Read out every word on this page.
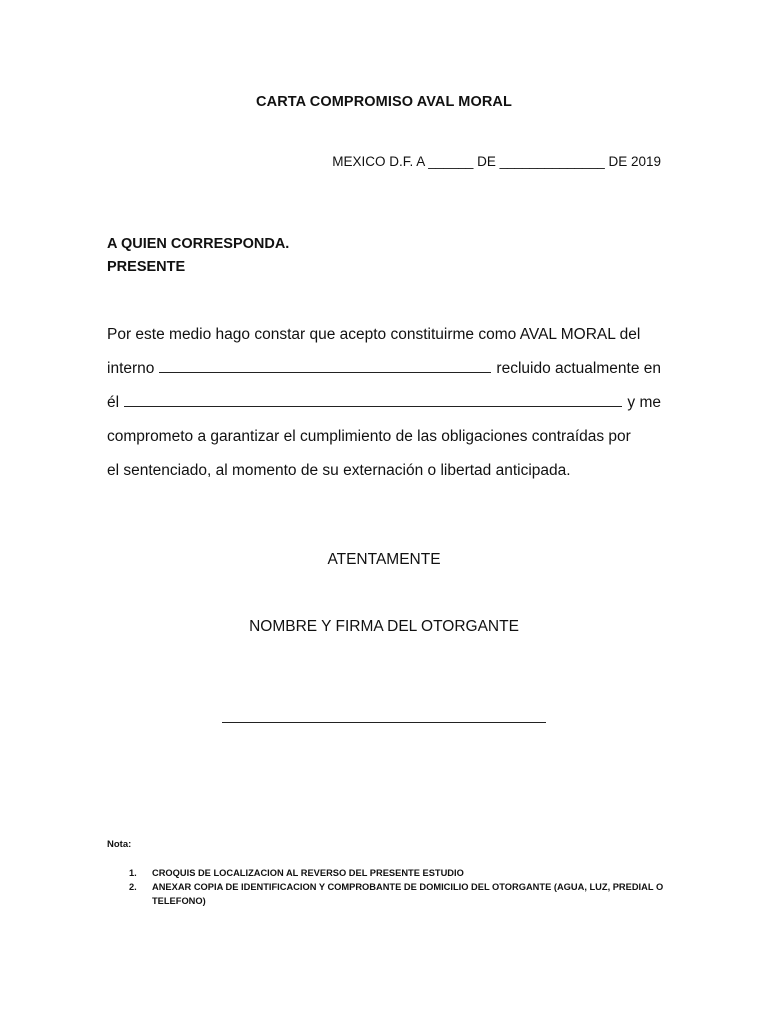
CARTA COMPROMISO AVAL MORAL
MEXICO D.F. A ______ DE ______________ DE 2019
A QUIEN CORRESPONDA.
PRESENTE
Por este medio hago constar que acepto constituirme como AVAL MORAL del
interno	recluido actualmente en
él	y me
comprometo a garantizar el cumplimiento de las obligaciones contraídas por
el sentenciado, al momento de su externación o libertad anticipada.
ATENTAMENTE
NOMBRE Y FIRMA DEL OTORGANTE
Nota:
1.	CROQUIS DE LOCALIZACION AL REVERSO DEL PRESENTE ESTUDIO
2.	ANEXAR COPIA DE IDENTIFICACION Y COMPROBANTE DE DOMICILIO DEL OTORGANTE (AGUA, LUZ, PREDIAL O TELEFONO)
